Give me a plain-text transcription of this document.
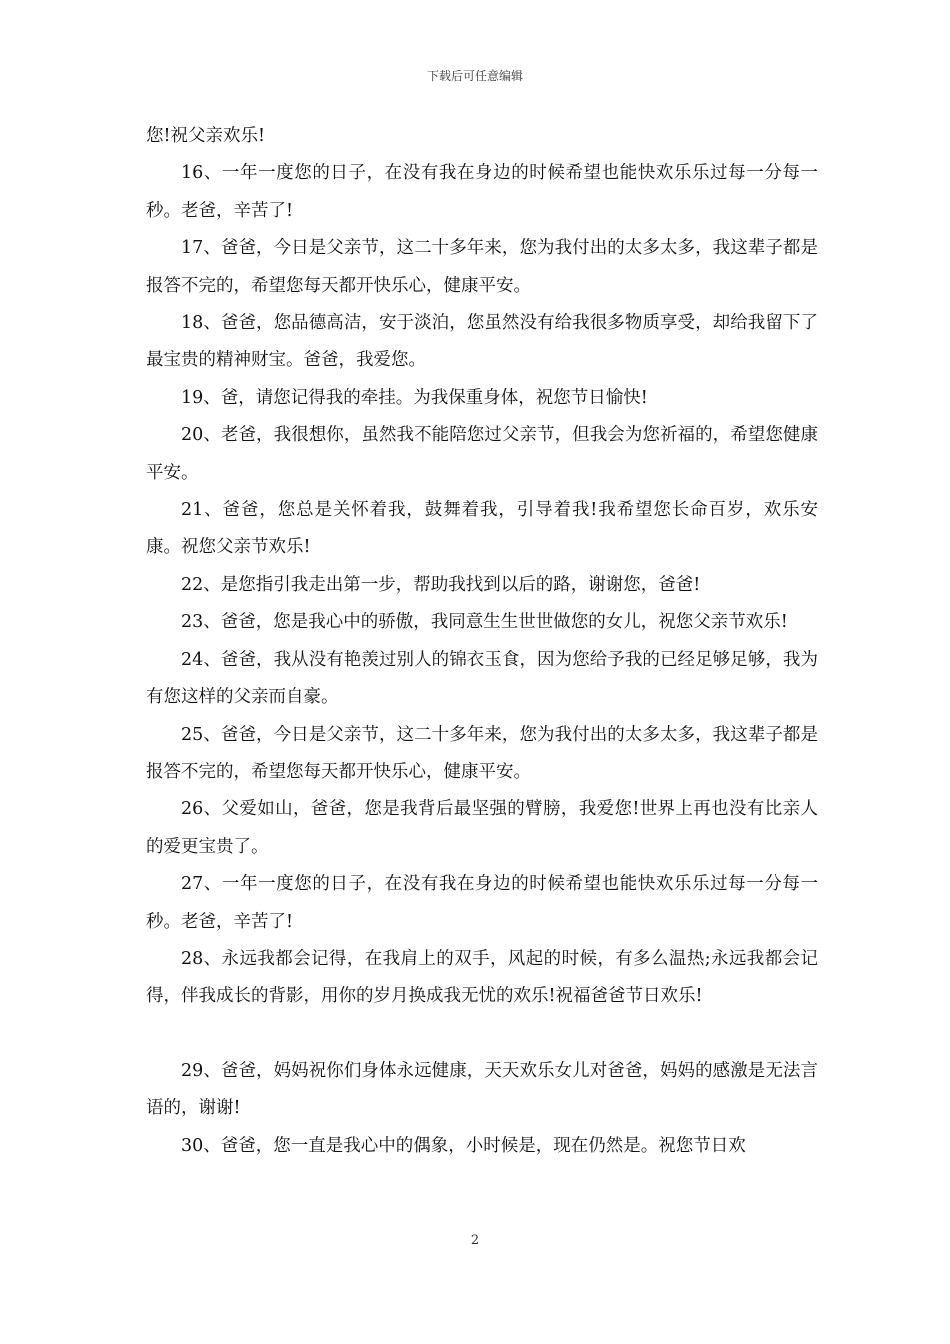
下载后可任意编辑

您!祝父亲欢乐!

16、一年一度您的日子，在没有我在身边的时候希望也能快欢乐乐过每一分每一秒。老爸，辛苦了!

17、爸爸，今日是父亲节，这二十多年来，您为我付出的太多太多，我这辈子都是报答不完的，希望您每天都开快乐心，健康平安。

18、爸爸，您品德高洁，安于淡泊，您虽然没有给我很多物质享受，却给我留下了最宝贵的精神财宝。爸爸，我爱您。

19、爸，请您记得我的牵挂。为我保重身体，祝您节日愉快!

20、老爸，我很想你，虽然我不能陪您过父亲节，但我会为您祈福的，希望您健康平安。

21、爸爸，您总是关怀着我，鼓舞着我，引导着我!我希望您长命百岁，欢乐安康。祝您父亲节欢乐!

22、是您指引我走出第一步，帮助我找到以后的路，谢谢您，爸爸!

23、爸爸，您是我心中的骄傲，我同意生生世世做您的女儿，祝您父亲节欢乐!

24、爸爸，我从没有艳羡过别人的锦衣玉食，因为您给予我的已经足够足够，我为有您这样的父亲而自豪。

25、爸爸，今日是父亲节，这二十多年来，您为我付出的太多太多，我这辈子都是报答不完的，希望您每天都开快乐心，健康平安。

26、父爱如山，爸爸，您是我背后最坚强的臂膀，我爱您!世界上再也没有比亲人的爱更宝贵了。

27、一年一度您的日子，在没有我在身边的时候希望也能快欢乐乐过每一分每一秒。老爸，辛苦了!

28、永远我都会记得，在我肩上的双手，风起的时候，有多么温热;永远我都会记得，伴我成长的背影，用你的岁月换成我无忧的欢乐!祝福爸爸节日欢乐!

29、爸爸，妈妈祝你们身体永远健康，天天欢乐女儿对爸爸，妈妈的感激是无法言语的，谢谢!

30、爸爸，您一直是我心中的偶象，小时候是，现在仍然是。祝您节日欢

2
